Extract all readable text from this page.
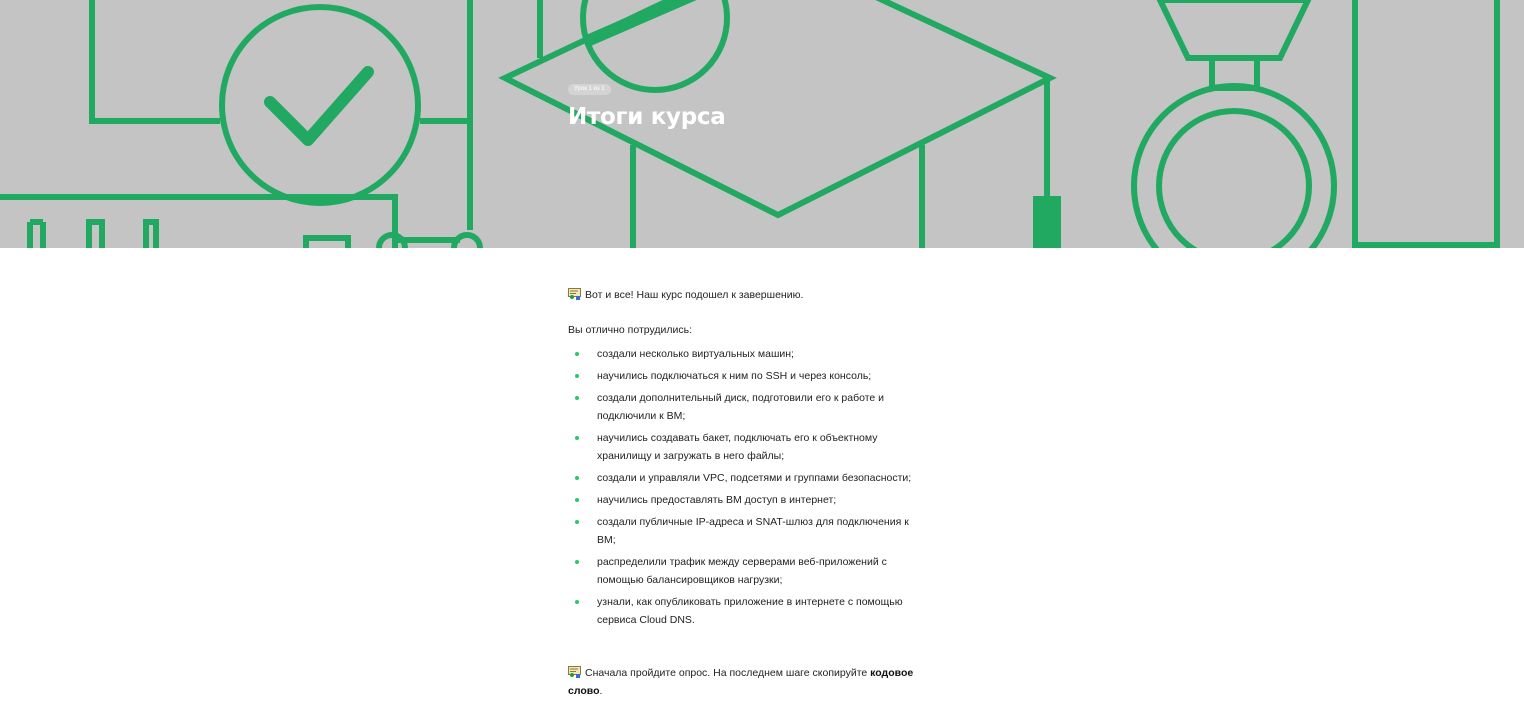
Урок 1 из 1
Итоги курса

Вот и все! Наш курс подошел к завершению.

Вы отлично потрудились:

создали несколько виртуальных машин;
научились подключаться к ним по SSH и через консоль;
создали дополнительный диск, подготовили его к работе и подключили к ВМ;
научились создавать бакет, подключать его к объектному хранилищу и загружать в него файлы;
создали и управляли VPC, подсетями и группами безопасности;
научились предоставлять ВМ доступ в интернет;
создали публичные IP-адреса и SNAT-шлюз для подключения к ВМ;
распределили трафик между серверами веб-приложений с помощью балансировщиков нагрузки;
узнали, как опубликовать приложение в интернете с помощью сервиса Cloud DNS.

Сначала пройдите опрос. На последнем шаге скопируйте кодовое слово.
